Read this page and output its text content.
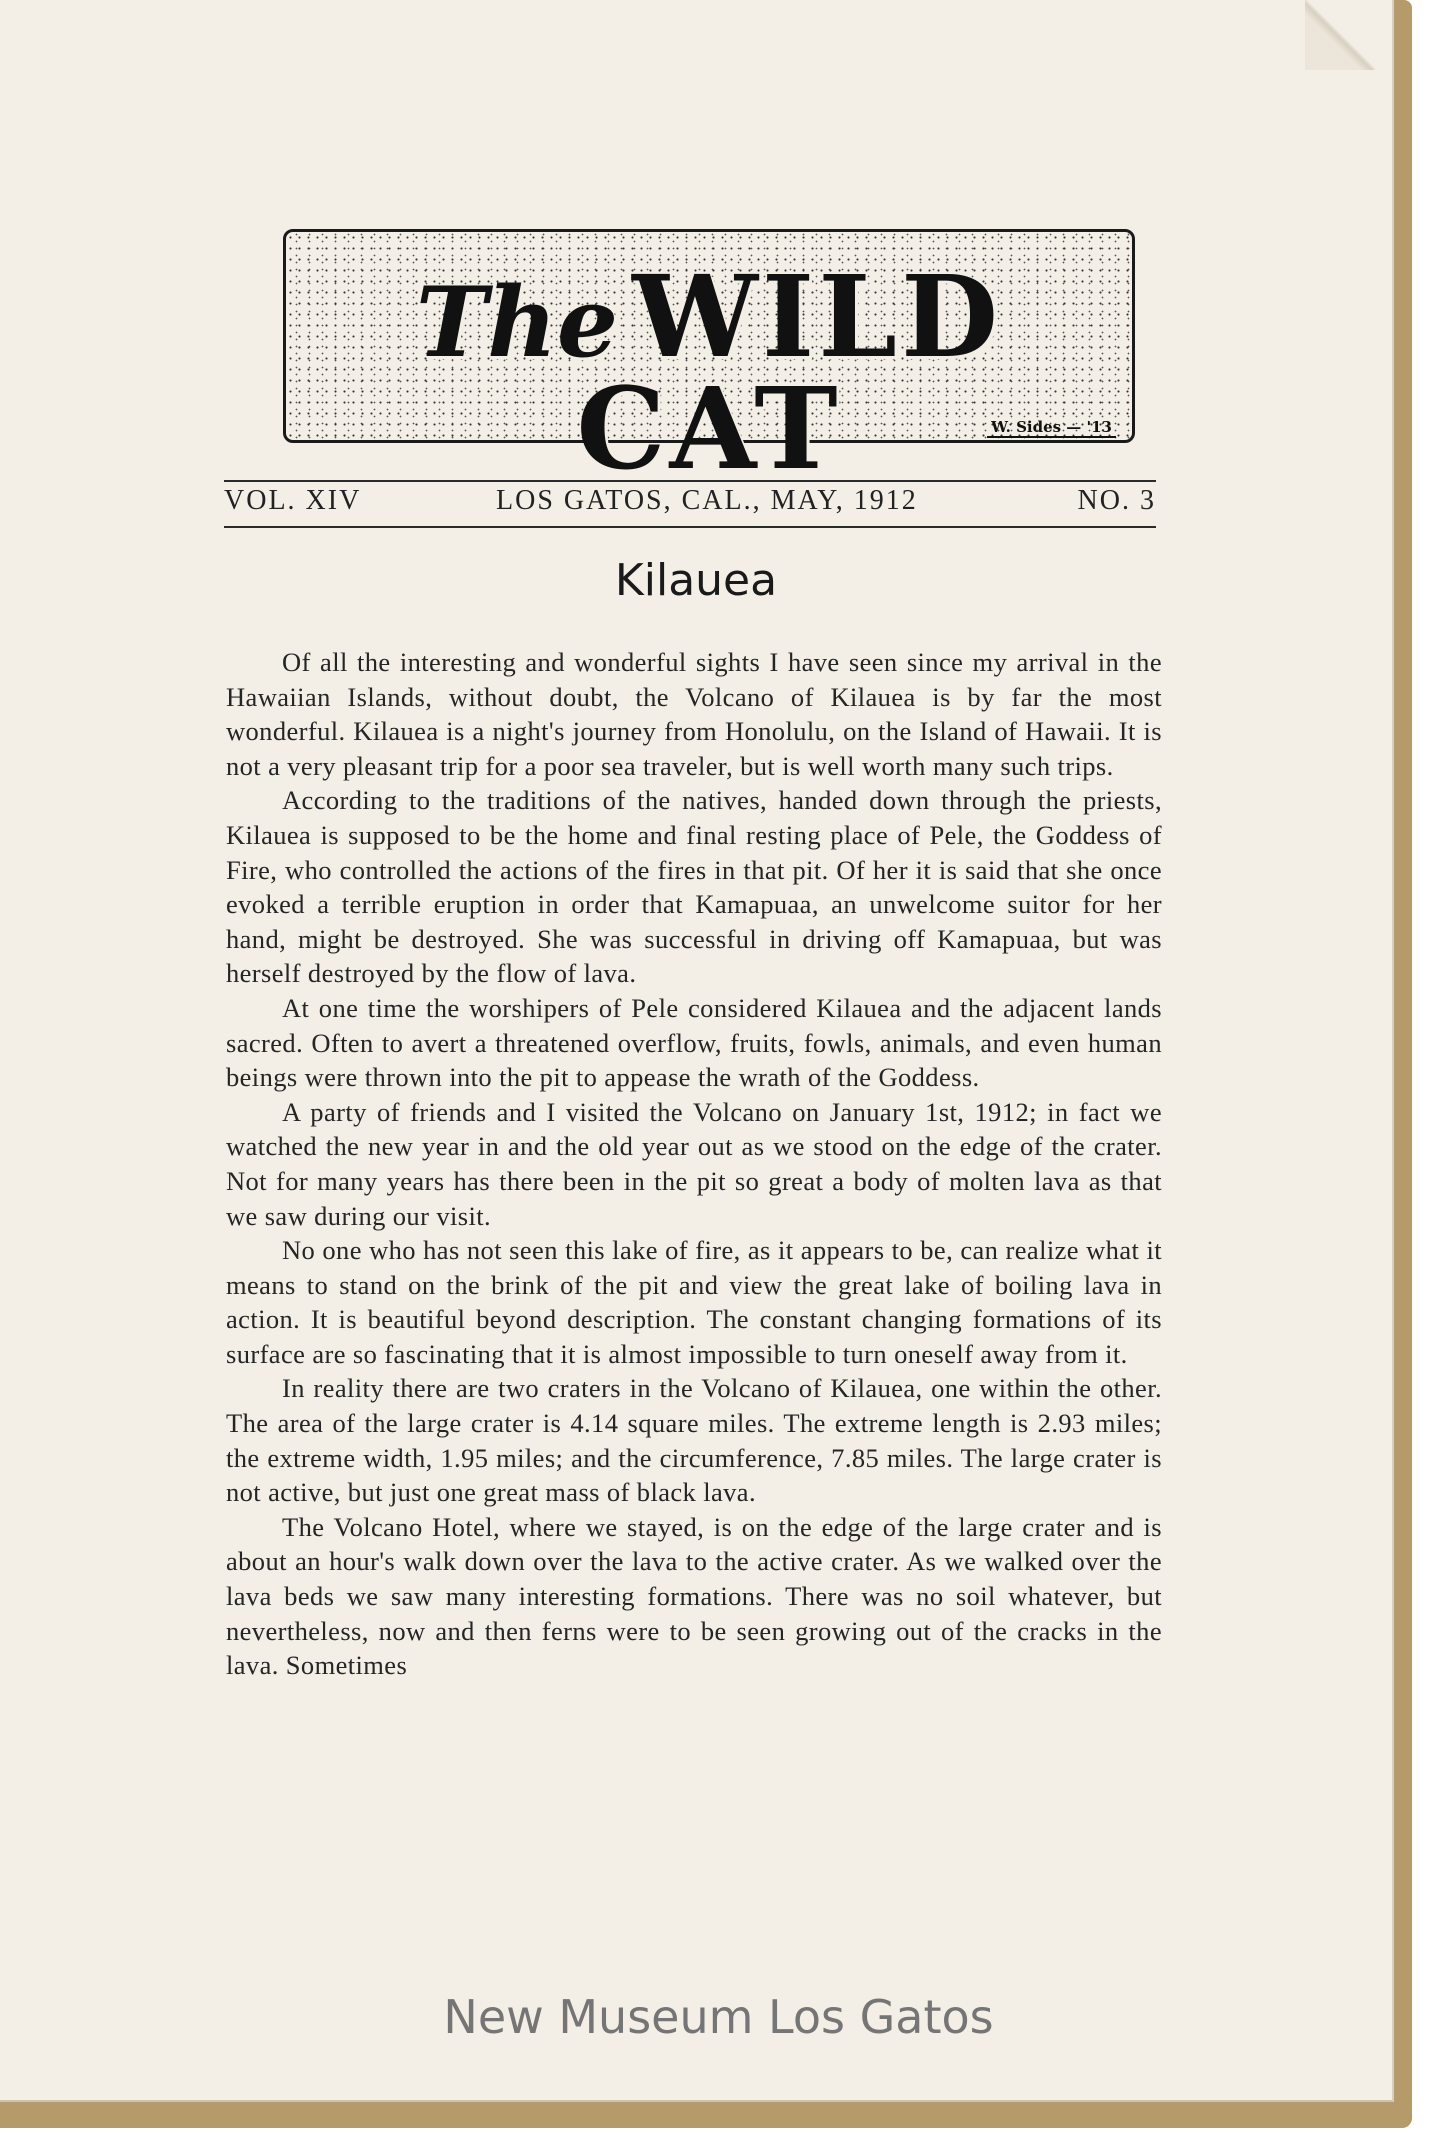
The WILD CAT	W. Sides — '13
VOL. XIV	LOS GATOS, CAL., MAY, 1912	NO. 3
Kilauea

Of all the interesting and wonderful sights I have seen since my arrival in the Hawaiian Islands, without doubt, the Volcano of Kilauea is by far the most wonderful. Kilauea is a night's journey from Honolulu, on the Island of Hawaii. It is not a very pleasant trip for a poor sea traveler, but is well worth many such trips.

According to the traditions of the natives, handed down through the priests, Kilauea is supposed to be the home and final resting place of Pele, the Goddess of Fire, who controlled the actions of the fires in that pit. Of her it is said that she once evoked a terrible eruption in order that Kamapuaa, an unwelcome suitor for her hand, might be destroyed. She was successful in driving off Kamapuaa, but was herself destroyed by the flow of lava.

At one time the worshipers of Pele considered Kilauea and the adjacent lands sacred. Often to avert a threatened overflow, fruits, fowls, animals, and even human beings were thrown into the pit to appease the wrath of the Goddess.

A party of friends and I visited the Volcano on January 1st, 1912; in fact we watched the new year in and the old year out as we stood on the edge of the crater. Not for many years has there been in the pit so great a body of molten lava as that we saw during our visit.

No one who has not seen this lake of fire, as it appears to be, can realize what it means to stand on the brink of the pit and view the great lake of boiling lava in action. It is beautiful beyond description. The constant changing formations of its surface are so fascinating that it is almost impossible to turn oneself away from it.

In reality there are two craters in the Volcano of Kilauea, one within the other. The area of the large crater is 4.14 square miles. The extreme length is 2.93 miles; the extreme width, 1.95 miles; and the circumference, 7.85 miles. The large crater is not active, but just one great mass of black lava.

The Volcano Hotel, where we stayed, is on the edge of the large crater and is about an hour's walk down over the lava to the active crater. As we walked over the lava beds we saw many interesting formations. There was no soil whatever, but nevertheless, now and then ferns were to be seen growing out of the cracks in the lava. Sometimes

New Museum Los Gatos
